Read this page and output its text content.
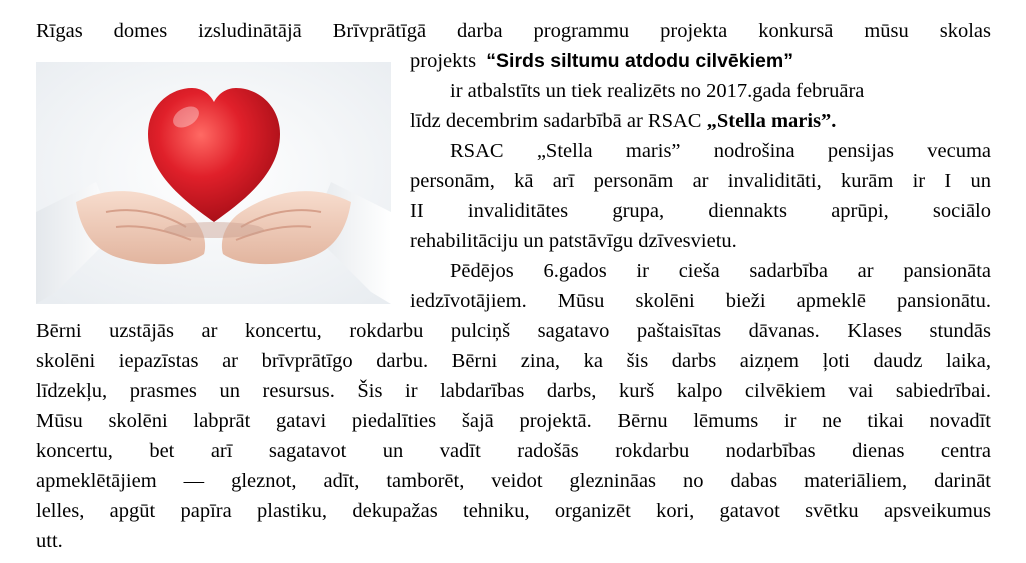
Rīgas domes izsludinātājā Brīvprātīgā darba programmu projekta konkursā mūsu skolas
projekts “Sirds siltumu atdodu cilvēkiem”
ir atbalstīts un tiek realizēts no 2017.gada februāra
līdz decembrim sadarbībā ar RSAC „Stella maris”.
RSAC „Stella maris” nodrošina pensijas vecuma
personām, kā arī personām ar invaliditāti, kurām ir I un
II invaliditātes grupa, diennakts aprūpi, sociālo
rehabilitāciju un patstāvīgu dzīvesvietu.
Pēdējos 6.gados ir cieša sadarbība ar pansionāta
iedzīvotājiem. Mūsu skolēni bieži apmeklē pansionātu.
Bērni uzstājās ar koncertu, rokdarbu pulciņš sagatavo paštaisītas dāvanas. Klases stundās
skolēni iepazīstas ar brīvprātīgo darbu. Bērni zina, ka šis darbs aizņem ļoti daudz laika,
līdzekļu, prasmes un resursus. Šis ir labdarības darbs, kurš kalpo cilvēkiem vai sabiedrībai.
Mūsu skolēni labprāt gatavi piedalīties šajā projektā. Bērnu lēmums ir ne tikai novadīt
koncertu, bet arī sagatavot un vadīt radošās rokdarbu nodarbības dienas centra
apmeklētājiem — gleznot, adīt, tamborēt, veidot gleznināas no dabas materiāliem, darināt
lelles, apgūt papīra plastiku, dekupažas tehniku, organizēt kori, gatavot svētku apsveikumus
utt.
